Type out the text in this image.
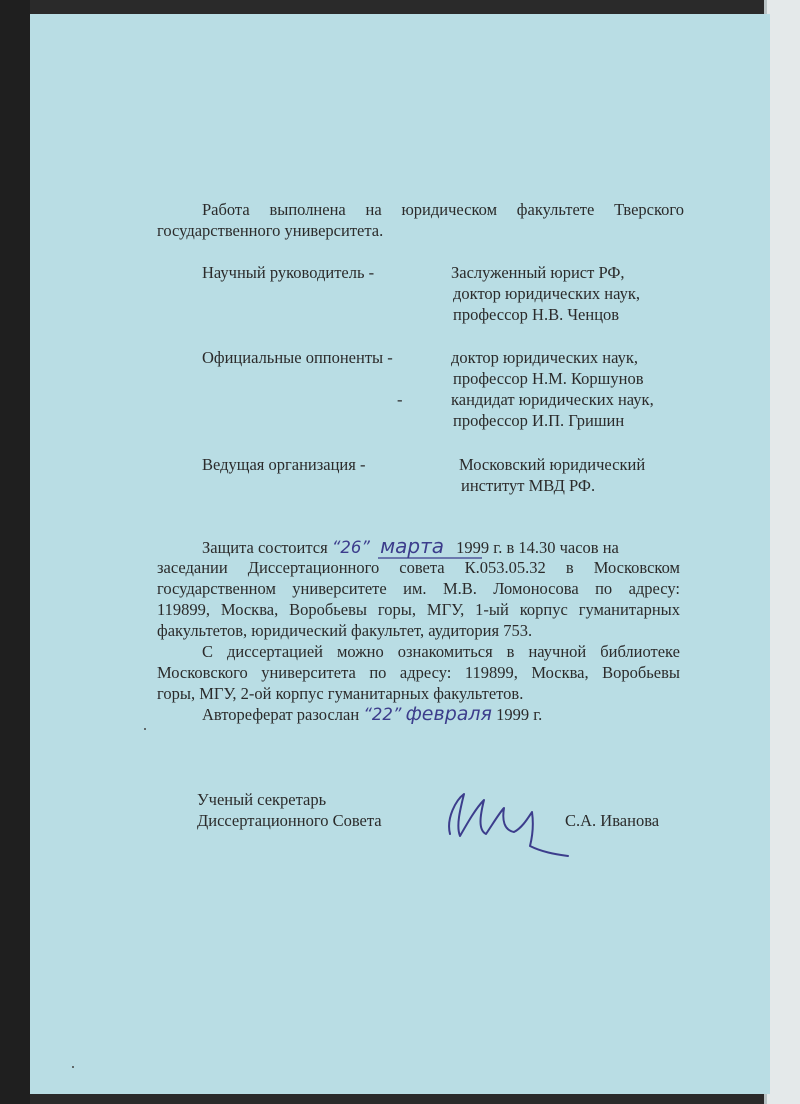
Работа выполнена на юридическом факультете Тверского
государственного университета.
Научный руководитель -	Заслуженный юрист РФ,
доктор юридических наук,
профессор Н.В. Ченцов
Официальные оппоненты -	доктор юридических наук,
профессор Н.М. Коршунов
-	кандидат юридических наук,
профессор И.П. Гришин
Ведущая организация -	Московский юридический
институт МВД РФ.
Защита состоится “26” марта 1999 г. в 14.30 часов на
заседании Диссертационного совета К.053.05.32 в Московском
государственном университете им. М.В. Ломоносова по адресу:
119899, Москва, Воробьевы горы, МГУ, 1-ый корпус гуманитарных
факультетов, юридический факультет, аудитория 753.
С диссертацией можно ознакомиться в научной библиотеке
Московского университета по адресу: 119899, Москва, Воробьевы
горы, МГУ, 2-ой корпус гуманитарных факультетов.
Автореферат разослан “22” февраля 1999 г.
Ученый секретарь
Диссертационного Совета	С.А. Иванова
